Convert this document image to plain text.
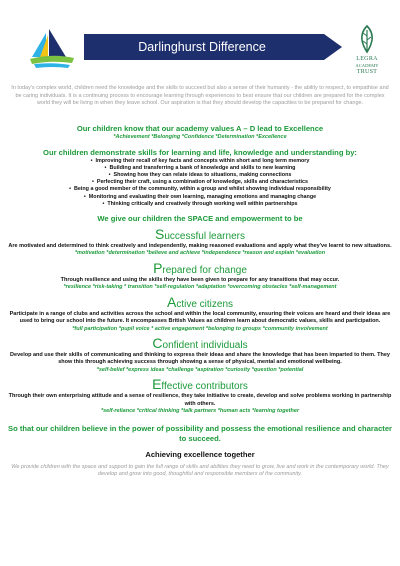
Darlinghurst Difference
LEGRA
ACADEMY
TRUST
In today's complex world, children need the knowledge and the skills to succeed but also a sense of their humanity - the ability to respect, to empathise and be caring individuals. It is a continuing process to encourage learning through experiences to best ensure that our children are prepared for the complex world they will be living in when they leave school. Our aspiration is that they should develop the capacities to be prepared for change.
Our children know that our academy values A – D lead to Excellence
*Achievement *Belonging *Confidence *Determination *Excellence
Our children demonstrate skills for learning and life, knowledge and understanding by:
• Improving their recall of key facts and concepts within short and long term memory
• Building and transferring a bank of knowledge and skills to new learning
• Showing how they can relate ideas to situations, making connections
• Perfecting their craft, using a combination of knowledge, skills and characteristics
• Being a good member of the community, within a group and whilst showing individual responsibility
• Monitoring and evaluating their own learning, managing emotions and managing change
• Thinking critically and creatively through working well within partnerships
We give our children the SPACE and empowerment to be
Successful learners
Are motivated and determined to think creatively and independently, making reasoned evaluations and apply what they've learnt to new situations.
*motivation *determination *believe and achieve *independence *reason and explain *evaluation
Prepared for change
Through resilience and using the skills they have been given to prepare for any transitions that may occur.
*resilience *risk-taking * transition *self-regulation *adaptation *overcoming obstacles *self-management
Active citizens
Participate in a range of clubs and activities across the school and within the local community, ensuring their voices are heard and their ideas are used to bring our school into the future. It encompasses British Values as children learn about democratic values, skills and participation.
*full participation *pupil voice * active engagement *belonging to groups *community involvement
Confident individuals
Develop and use their skills of communicating and thinking to express their ideas and share the knowledge that has been imparted to them. They show this through achieving success through showing a sense of physical, mental and emotional wellbeing.
*self-belief *express ideas *challenge *aspiration *curiosity *question *potential
Effective contributors
Through their own enterprising attitude and a sense of resilience, they take initiative to create, develop and solve problems working in partnership with others.
*self-reliance *critical thinking *talk partners *human acts *learning together
So that our children believe in the power of possibility and possess the emotional resilience and character to succeed.
Achieving excellence together
We provide children with the space and support to gain the full range of skills and abilities they need to grow, live and work in the contemporary world. They develop and grow into good, thoughtful and responsible members of the community.
